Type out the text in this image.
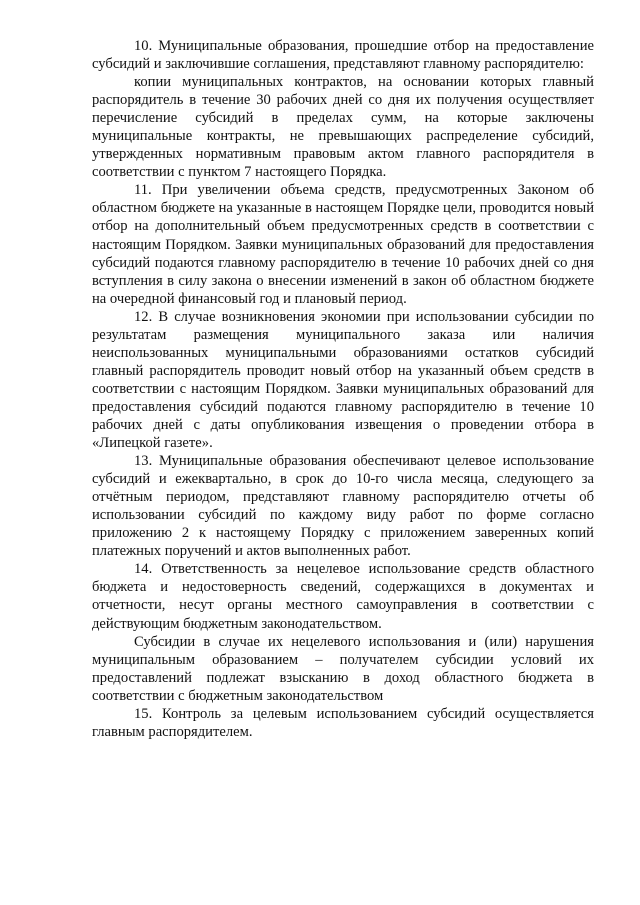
10. Муниципальные образования, прошедшие отбор на предоставление субсидий и заключившие соглашения, представляют главному распорядителю:

копии муниципальных контрактов, на основании которых главный распорядитель в течение 30 рабочих дней со дня их получения осуществляет перечисление субсидий в пределах сумм, на которые заключены муниципальные контракты, не превышающих распределение субсидий, утвержденных нормативным правовым актом главного распорядителя в соответствии с пунктом 7 настоящего Порядка.

11. При увеличении объема средств, предусмотренных Законом об областном бюджете на указанные в настоящем Порядке цели, проводится новый отбор на дополнительный объем предусмотренных средств в соответствии с настоящим Порядком. Заявки муниципальных образований для предоставления субсидий подаются главному распорядителю в течение 10 рабочих дней со дня вступления в силу закона о внесении изменений в закон об областном бюджете на очередной финансовый год и плановый период.

12. В случае возникновения экономии при использовании субсидии по результатам размещения муниципального заказа или наличия неиспользованных муниципальными образованиями остатков субсидий главный распорядитель проводит новый отбор на указанный объем средств в соответствии с настоящим Порядком. Заявки муниципальных образований для предоставления субсидий подаются главному распорядителю в течение 10 рабочих дней с даты опубликования извещения о проведении отбора в «Липецкой газете».

13. Муниципальные образования обеспечивают целевое использование субсидий и ежеквартально, в срок до 10-го числа месяца, следующего за отчётным периодом, представляют главному распорядителю отчеты об использовании субсидий по каждому виду работ по форме согласно приложению 2 к настоящему Порядку с приложением заверенных копий платежных поручений и актов выполненных работ.

14. Ответственность за нецелевое использование средств областного бюджета и недостоверность сведений, содержащихся в документах и отчетности, несут органы местного самоуправления в соответствии с действующим бюджетным законодательством.

Субсидии в случае их нецелевого использования и (или) нарушения муниципальным образованием – получателем субсидии условий их предоставлений подлежат взысканию в доход областного бюджета в соответствии с бюджетным законодательством

15. Контроль за целевым использованием субсидий осуществляется главным распорядителем.
